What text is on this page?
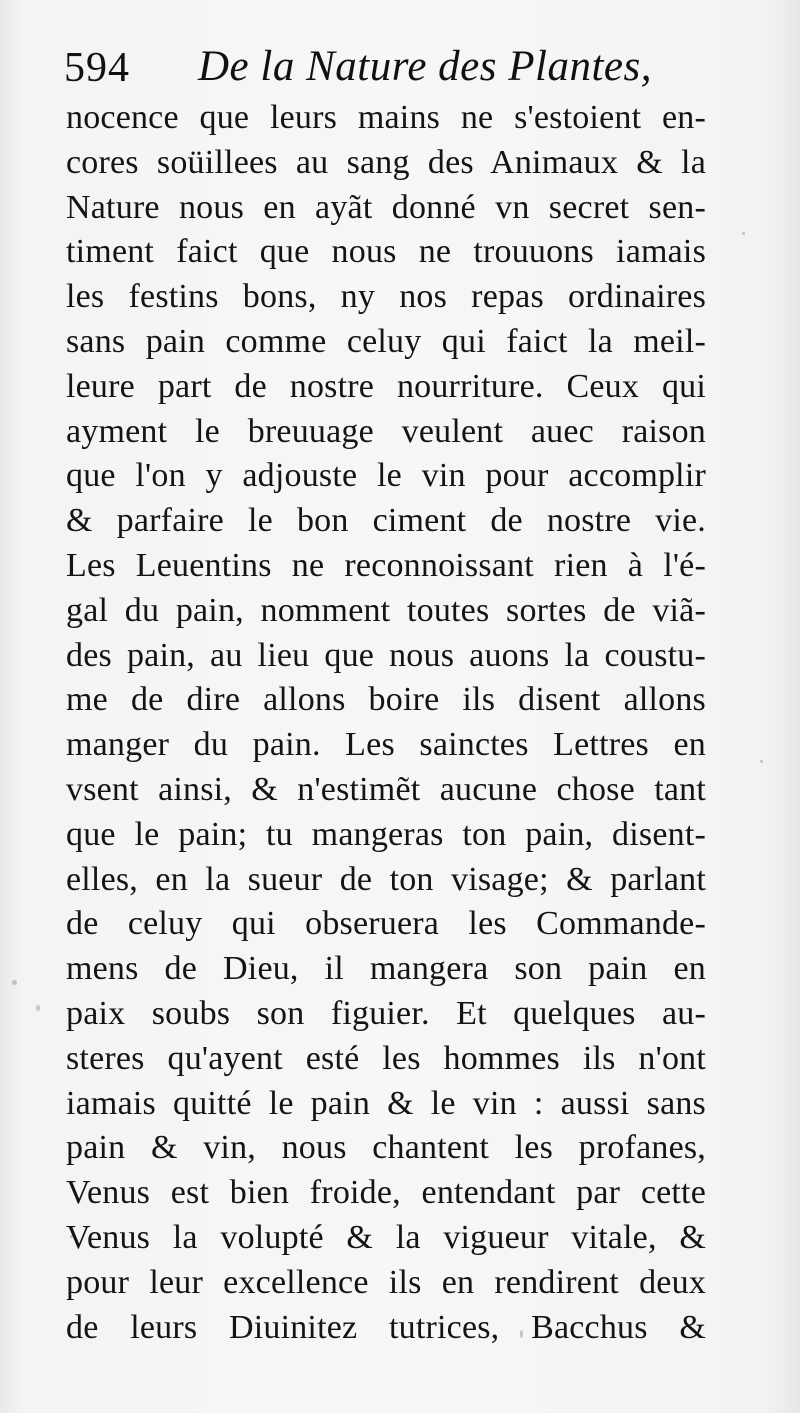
594 De la Nature des Plantes,
nocence que leurs mains ne s'estoient en-
cores soüillees au sang des Animaux & la
Nature nous en ayãt donné vn secret sen-
timent faict que nous ne trouuons iamais
les festins bons, ny nos repas ordinaires
sans pain comme celuy qui faict la meil-
leure part de nostre nourriture. Ceux qui
ayment le breuuage veulent auec raison
que l'on y adjouste le vin pour accomplir
& parfaire le bon ciment de nostre vie.
Les Leuentins ne reconnoissant rien à l'é-
gal du pain, nomment toutes sortes de viã-
des pain, au lieu que nous auons la coustu-
me de dire allons boire ils disent allons
manger du pain. Les sainctes Lettres en
vsent ainsi, & n'estimẽt aucune chose tant
que le pain; tu mangeras ton pain, disent-
elles, en la sueur de ton visage; & parlant
de celuy qui obseruera les Commande-
mens de Dieu, il mangera son pain en
paix soubs son figuier. Et quelques au-
steres qu'ayent esté les hommes ils n'ont
iamais quitté le pain & le vin : aussi sans
pain & vin, nous chantent les profanes,
Venus est bien froide, entendant par cette
Venus la volupté & la vigueur vitale, &
pour leur excellence ils en rendirent deux
de leurs Diuinitez tutrices, Bacchus &
